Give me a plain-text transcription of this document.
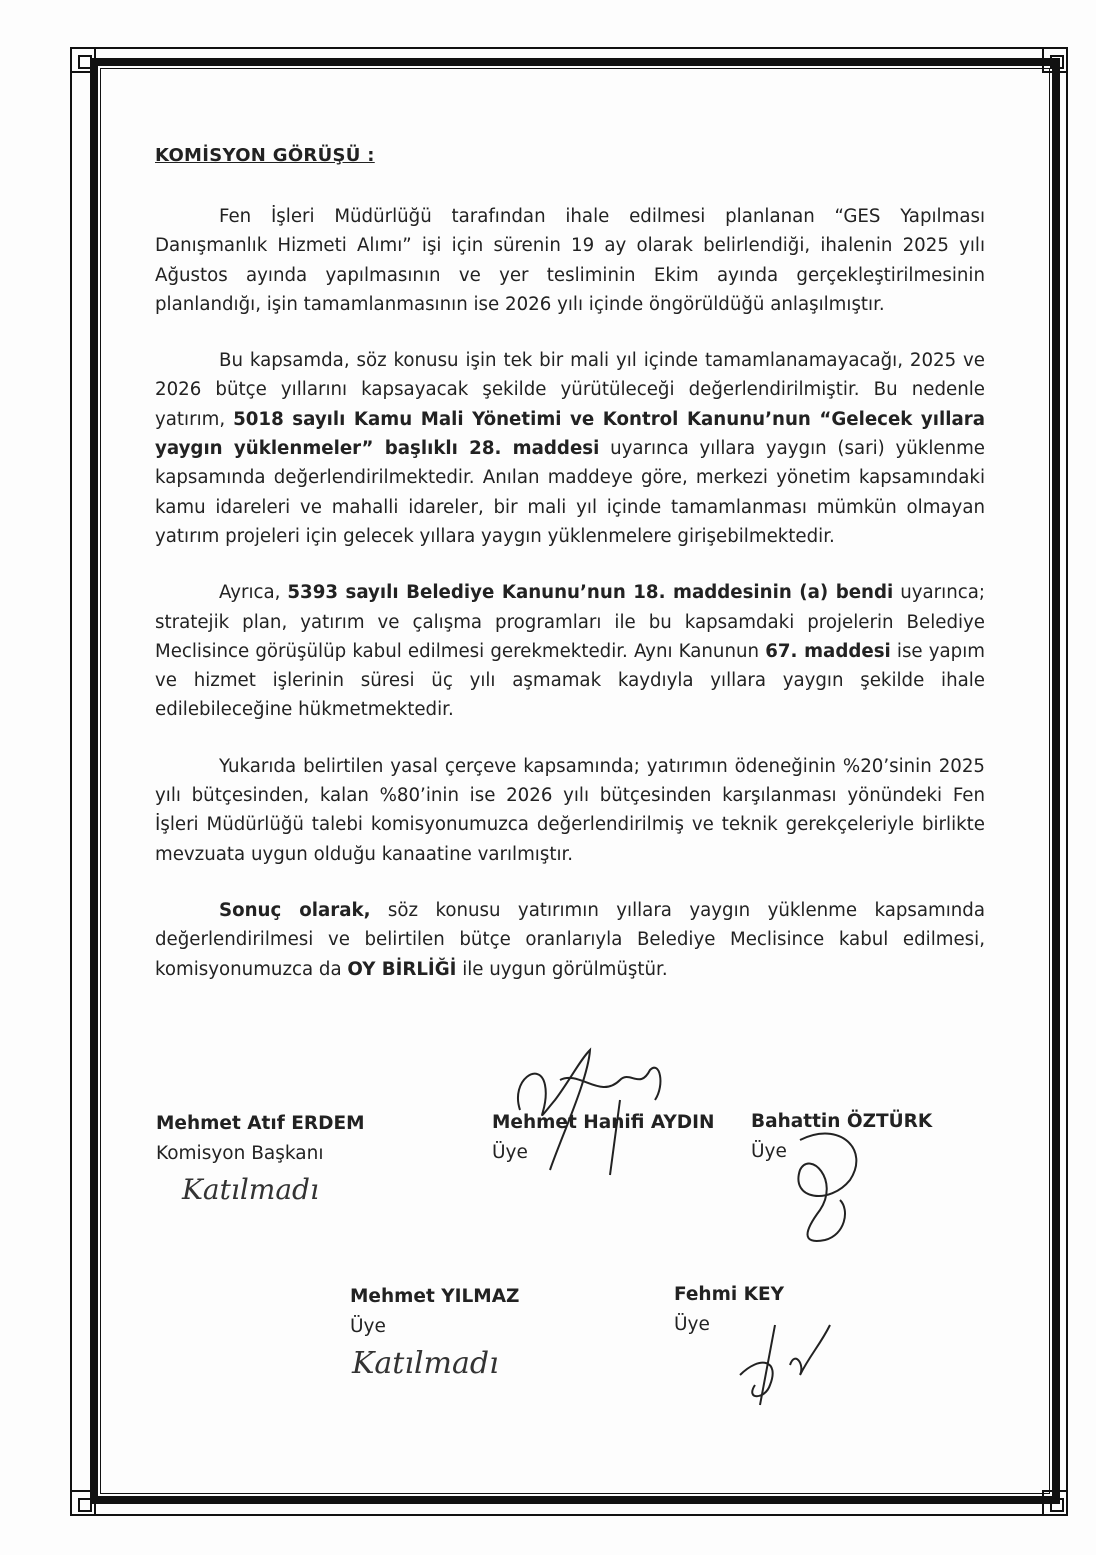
KOMİSYON GÖRÜŞÜ :

Fen İşleri Müdürlüğü tarafından ihale edilmesi planlanan “GES Yapılması Danışmanlık Hizmeti Alımı” işi için sürenin 19 ay olarak belirlendiği, ihalenin 2025 yılı Ağustos ayında yapılmasının ve yer tesliminin Ekim ayında gerçekleştirilmesinin planlandığı, işin tamamlanmasının ise 2026 yılı içinde öngörüldüğü anlaşılmıştır.

Bu kapsamda, söz konusu işin tek bir mali yıl içinde tamamlanamayacağı, 2025 ve 2026 bütçe yıllarını kapsayacak şekilde yürütüleceği değerlendirilmiştir. Bu nedenle yatırım, 5018 sayılı Kamu Mali Yönetimi ve Kontrol Kanunu’nun “Gelecek yıllara yaygın yüklenmeler” başlıklı 28. maddesi uyarınca yıllara yaygın (sari) yüklenme kapsamında değerlendirilmektedir. Anılan maddeye göre, merkezi yönetim kapsamındaki kamu idareleri ve mahalli idareler, bir mali yıl içinde tamamlanması mümkün olmayan yatırım projeleri için gelecek yıllara yaygın yüklenmelere girişebilmektedir.

Ayrıca, 5393 sayılı Belediye Kanunu’nun 18. maddesinin (a) bendi uyarınca; stratejik plan, yatırım ve çalışma programları ile bu kapsamdaki projelerin Belediye Meclisince görüşülüp kabul edilmesi gerekmektedir. Aynı Kanunun 67. maddesi ise yapım ve hizmet işlerinin süresi üç yılı aşmamak kaydıyla yıllara yaygın şekilde ihale edilebileceğine hükmetmektedir.

Yukarıda belirtilen yasal çerçeve kapsamında; yatırımın ödeneğinin %20’sinin 2025 yılı bütçesinden, kalan %80’inin ise 2026 yılı bütçesinden karşılanması yönündeki Fen İşleri Müdürlüğü talebi komisyonumuzca değerlendirilmiş ve teknik gerekçeleriyle birlikte mevzuata uygun olduğu kanaatine varılmıştır.

Sonuç olarak, söz konusu yatırımın yıllara yaygın yüklenme kapsamında değerlendirilmesi ve belirtilen bütçe oranlarıyla Belediye Meclisince kabul edilmesi, komisyonumuzca da OY BİRLİĞİ ile uygun görülmüştür.

Mehmet Atıf ERDEM
Komisyon Başkanı
Katılmadı
Mehmet Hanifi AYDIN
Üye
Bahattin ÖZTÜRK
Üye
Mehmet YILMAZ
Üye
Katılmadı
Fehmi KEY
Üye
